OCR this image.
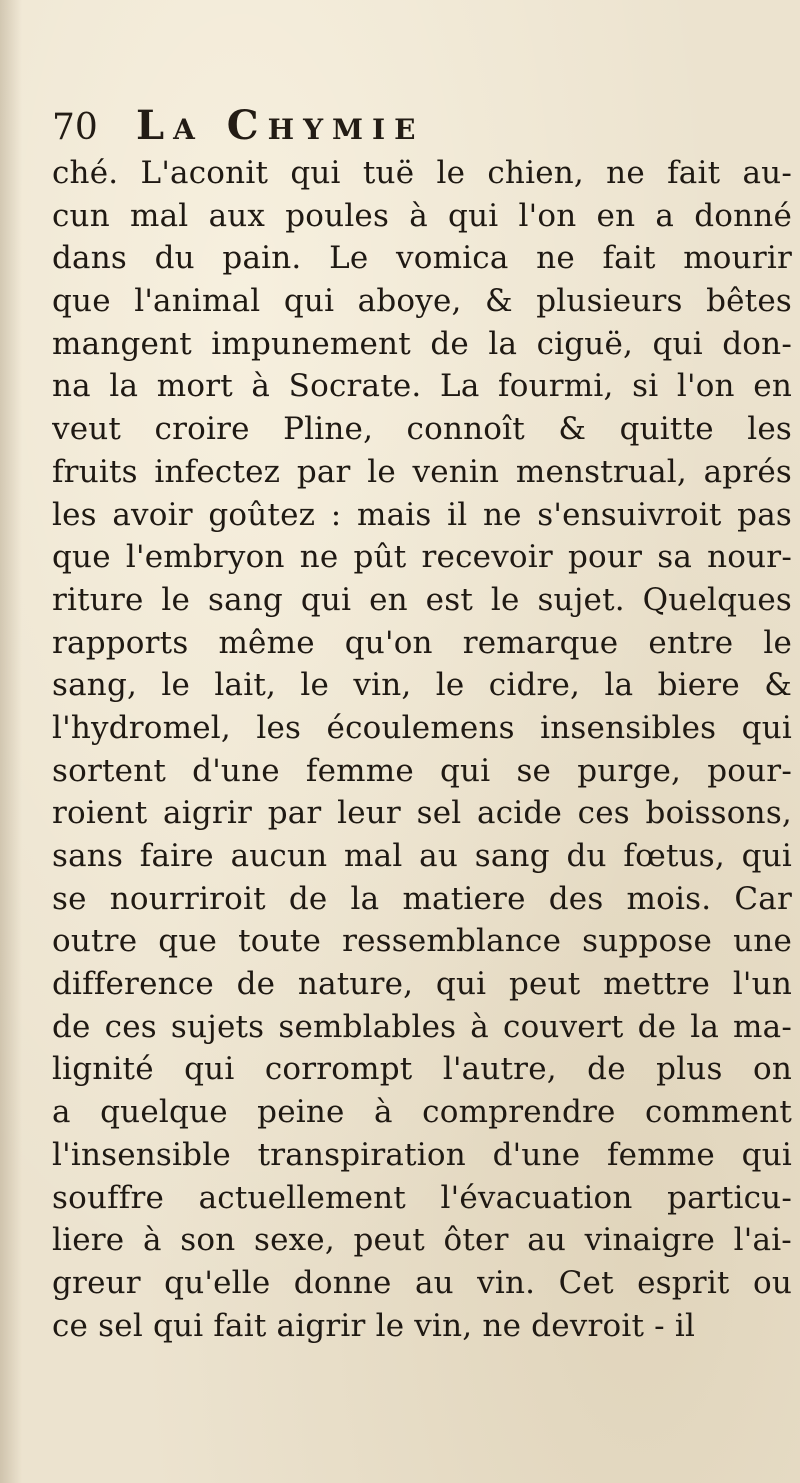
70 La Chymie
ché. L'aconit qui tuë le chien, ne fait au-
cun mal aux poules à qui l'on en a donné
dans du pain. Le vomica ne fait mourir
que l'animal qui aboye, & plusieurs bêtes
mangent impunement de la ciguë, qui don-
na la mort à Socrate. La fourmi, si l'on en
veut croire Pline, connoît & quitte les
fruits infectez par le venin menstrual, aprés
les avoir goûtez : mais il ne s'ensuivroit pas
que l'embryon ne pût recevoir pour sa nour-
riture le sang qui en est le sujet. Quelques
rapports même qu'on remarque entre le
sang, le lait, le vin, le cidre, la biere &
l'hydromel, les écoulemens insensibles qui
sortent d'une femme qui se purge, pour-
roient aigrir par leur sel acide ces boissons,
sans faire aucun mal au sang du fœtus, qui
se nourriroit de la matiere des mois. Car
outre que toute ressemblance suppose une
difference de nature, qui peut mettre l'un
de ces sujets semblables à couvert de la ma-
lignité qui corrompt l'autre, de plus on
a quelque peine à comprendre comment
l'insensible transpiration d'une femme qui
souffre actuellement l'évacuation particu-
liere à son sexe, peut ôter au vinaigre l'ai-
greur qu'elle donne au vin. Cet esprit ou
ce sel qui fait aigrir le vin, ne devroit - il
